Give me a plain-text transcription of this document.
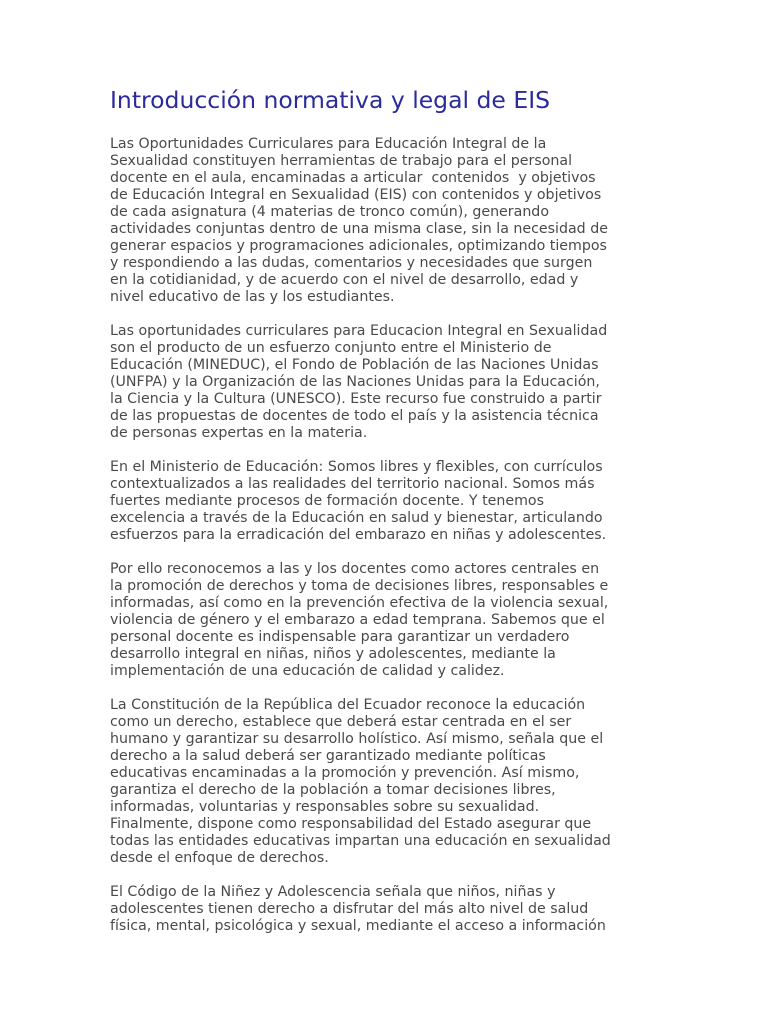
Introducción normativa y legal de EIS

Las Oportunidades Curriculares para Educación Integral de la
Sexualidad constituyen herramientas de trabajo para el personal
docente en el aula, encaminadas a articular  contenidos  y objetivos
de Educación Integral en Sexualidad (EIS) con contenidos y objetivos
de cada asignatura (4 materias de tronco común), generando
actividades conjuntas dentro de una misma clase, sin la necesidad de
generar espacios y programaciones adicionales, optimizando tiempos
y respondiendo a las dudas, comentarios y necesidades que surgen
en la cotidianidad, y de acuerdo con el nivel de desarrollo, edad y
nivel educativo de las y los estudiantes.

Las oportunidades curriculares para Educacion Integral en Sexualidad
son el producto de un esfuerzo conjunto entre el Ministerio de
Educación (MINEDUC), el Fondo de Población de las Naciones Unidas
(UNFPA) y la Organización de las Naciones Unidas para la Educación,
la Ciencia y la Cultura (UNESCO). Este recurso fue construido a partir
de las propuestas de docentes de todo el país y la asistencia técnica
de personas expertas en la materia.

En el Ministerio de Educación: Somos libres y flexibles, con currículos
contextualizados a las realidades del territorio nacional. Somos más
fuertes mediante procesos de formación docente. Y tenemos
excelencia a través de la Educación en salud y bienestar, articulando
esfuerzos para la erradicación del embarazo en niñas y adolescentes.

Por ello reconocemos a las y los docentes como actores centrales en
la promoción de derechos y toma de decisiones libres, responsables e
informadas, así como en la prevención efectiva de la violencia sexual,
violencia de género y el embarazo a edad temprana. Sabemos que el
personal docente es indispensable para garantizar un verdadero
desarrollo integral en niñas, niños y adolescentes, mediante la
implementación de una educación de calidad y calidez.

La Constitución de la República del Ecuador reconoce la educación
como un derecho, establece que deberá estar centrada en el ser
humano y garantizar su desarrollo holístico. Así mismo, señala que el
derecho a la salud deberá ser garantizado mediante políticas
educativas encaminadas a la promoción y prevención. Así mismo,
garantiza el derecho de la población a tomar decisiones libres,
informadas, voluntarias y responsables sobre su sexualidad.
Finalmente, dispone como responsabilidad del Estado asegurar que
todas las entidades educativas impartan una educación en sexualidad
desde el enfoque de derechos.

El Código de la Niñez y Adolescencia señala que niños, niñas y
adolescentes tienen derecho a disfrutar del más alto nivel de salud
física, mental, psicológica y sexual, mediante el acceso a información
